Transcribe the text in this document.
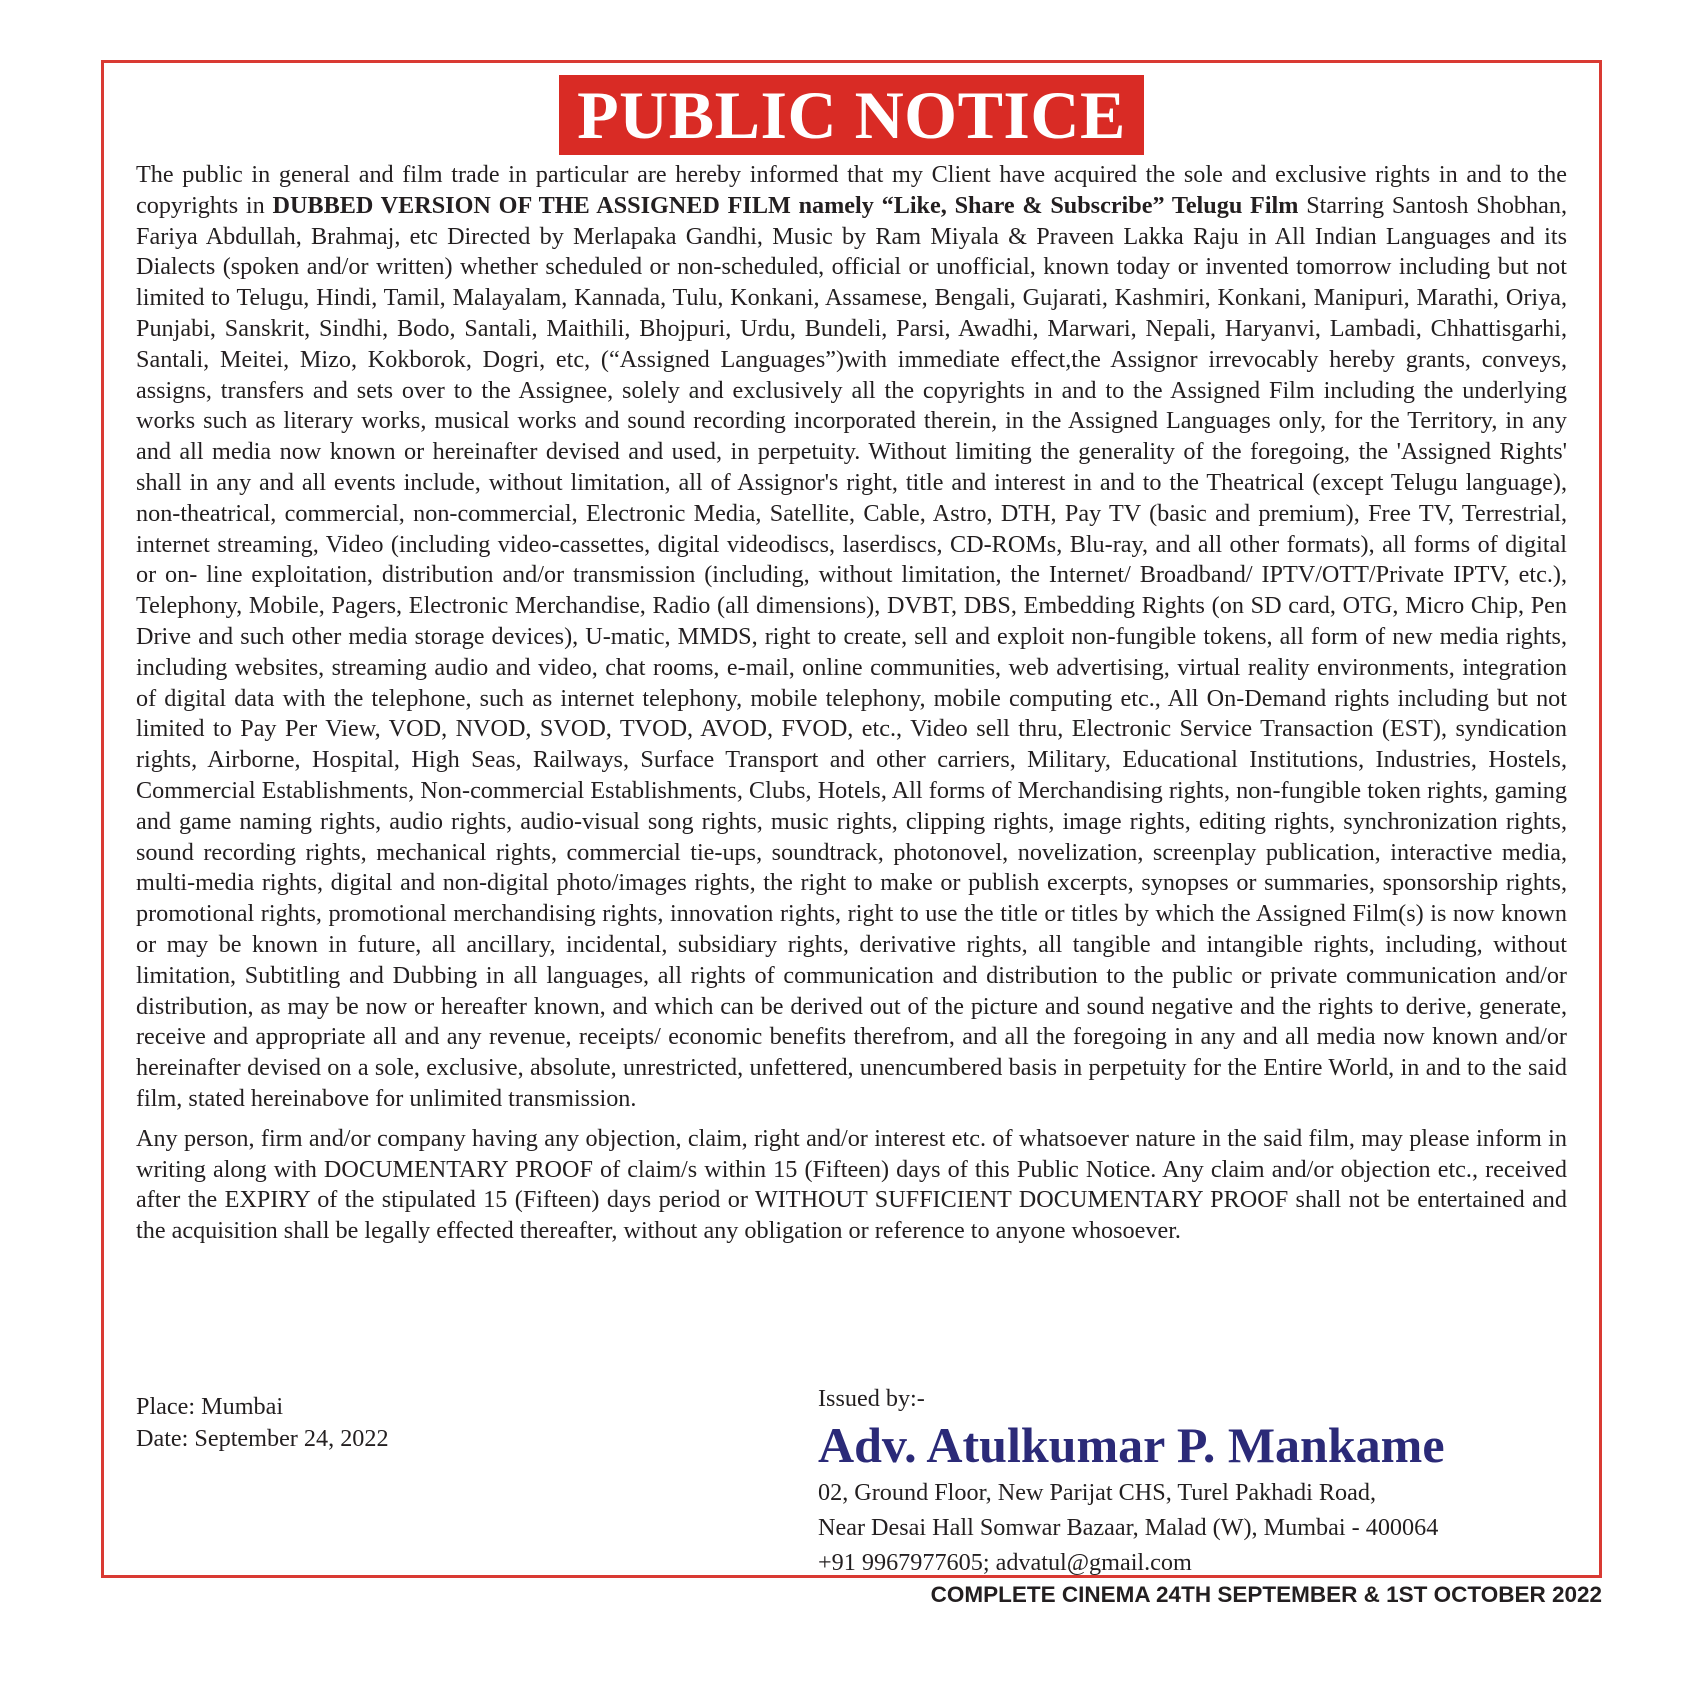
PUBLIC NOTICE

The public in general and film trade in particular are hereby informed that my Client have acquired the sole and exclusive rights in and to the copyrights in DUBBED VERSION OF THE ASSIGNED FILM namely “Like, Share & Subscribe” Telugu Film Starring Santosh Shobhan, Fariya Abdullah, Brahmaj, etc Directed by Merlapaka Gandhi, Music by Ram Miyala & Praveen Lakka Raju in All Indian Languages and its Dialects (spoken and/or written) whether scheduled or non-scheduled, official or unofficial, known today or invented tomorrow including but not limited to Telugu, Hindi, Tamil, Malayalam, Kannada, Tulu, Konkani, Assamese, Bengali, Gujarati, Kashmiri, Konkani, Manipuri, Marathi, Oriya, Punjabi, Sanskrit, Sindhi, Bodo, Santali, Maithili, Bhojpuri, Urdu, Bundeli, Parsi, Awadhi, Marwari, Nepali, Haryanvi, Lambadi, Chhattisgarhi, Santali, Meitei, Mizo, Kokborok, Dogri, etc, (“Assigned Languages”)with immediate effect,the Assignor irrevocably hereby grants, conveys, assigns, transfers and sets over to the Assignee, solely and exclusively all the copyrights in and to the Assigned Film including the underlying works such as literary works, musical works and sound recording incorporated therein, in the Assigned Languages only, for the Territory, in any and all media now known or hereinafter devised and used, in perpetuity. Without limiting the generality of the foregoing, the 'Assigned Rights' shall in any and all events include, without limitation, all of Assignor's right, title and interest in and to the Theatrical (except Telugu language), non-theatrical, commercial, non-commercial, Electronic Media, Satellite, Cable, Astro, DTH, Pay TV (basic and premium), Free TV, Terrestrial, internet streaming, Video (including video-cassettes, digital videodiscs, laserdiscs, CD-ROMs, Blu-ray, and all other formats), all forms of digital or on- line exploitation, distribution and/or transmission (including, without limitation, the Internet/ Broadband/ IPTV/OTT/Private IPTV, etc.), Telephony, Mobile, Pagers, Electronic Merchandise, Radio (all dimensions), DVBT, DBS, Embedding Rights (on SD card, OTG, Micro Chip, Pen Drive and such other media storage devices), U-matic, MMDS, right to create, sell and exploit non-fungible tokens, all form of new media rights, including websites, streaming audio and video, chat rooms, e-mail, online communities, web advertising, virtual reality environments, integration of digital data with the telephone, such as internet telephony, mobile telephony, mobile computing etc., All On-Demand rights including but not limited to Pay Per View, VOD, NVOD, SVOD, TVOD, AVOD, FVOD, etc., Video sell thru, Electronic Service Transaction (EST), syndication rights, Airborne, Hospital, High Seas, Railways, Surface Transport and other carriers, Military, Educational Institutions, Industries, Hostels, Commercial Establishments, Non-commercial Establishments, Clubs, Hotels, All forms of Merchandising rights, non-fungible token rights, gaming and game naming rights, audio rights, audio-visual song rights, music rights, clipping rights, image rights, editing rights, synchronization rights, sound recording rights, mechanical rights, commercial tie-ups, soundtrack, photonovel, novelization, screenplay publication, interactive media, multi-media rights, digital and non-digital photo/images rights, the right to make or publish excerpts, synopses or summaries, sponsorship rights, promotional rights, promotional merchandising rights, innovation rights, right to use the title or titles by which the Assigned Film(s) is now known or may be known in future, all ancillary, incidental, subsidiary rights, derivative rights, all tangible and intangible rights, including, without limitation, Subtitling and Dubbing in all languages, all rights of communication and distribution to the public or private communication and/or distribution, as may be now or hereafter known, and which can be derived out of the picture and sound negative and the rights to derive, generate, receive and appropriate all and any revenue, receipts/ economic benefits therefrom, and all the foregoing in any and all media now known and/or hereinafter devised on a sole, exclusive, absolute, unrestricted, unfettered, unencumbered basis in perpetuity for the Entire World, in and to the said film, stated hereinabove for unlimited transmission.

Any person, firm and/or company having any objection, claim, right and/or interest etc. of whatsoever nature in the said film, may please inform in writing along with DOCUMENTARY PROOF of claim/s within 15 (Fifteen) days of this Public Notice. Any claim and/or objection etc., received after the EXPIRY of the stipulated 15 (Fifteen) days period or WITHOUT SUFFICIENT DOCUMENTARY PROOF shall not be entertained and the acquisition shall be legally effected thereafter, without any obligation or reference to anyone whosoever.

Place: Mumbai
Date: September 24, 2022
Issued by:-
Adv. Atulkumar P. Mankame
02, Ground Floor, New Parijat CHS, Turel Pakhadi Road,
Near Desai Hall Somwar Bazaar, Malad (W), Mumbai - 400064
+91 9967977605; advatul@gmail.com
COMPLETE CINEMA 24TH SEPTEMBER & 1ST OCTOBER 2022
